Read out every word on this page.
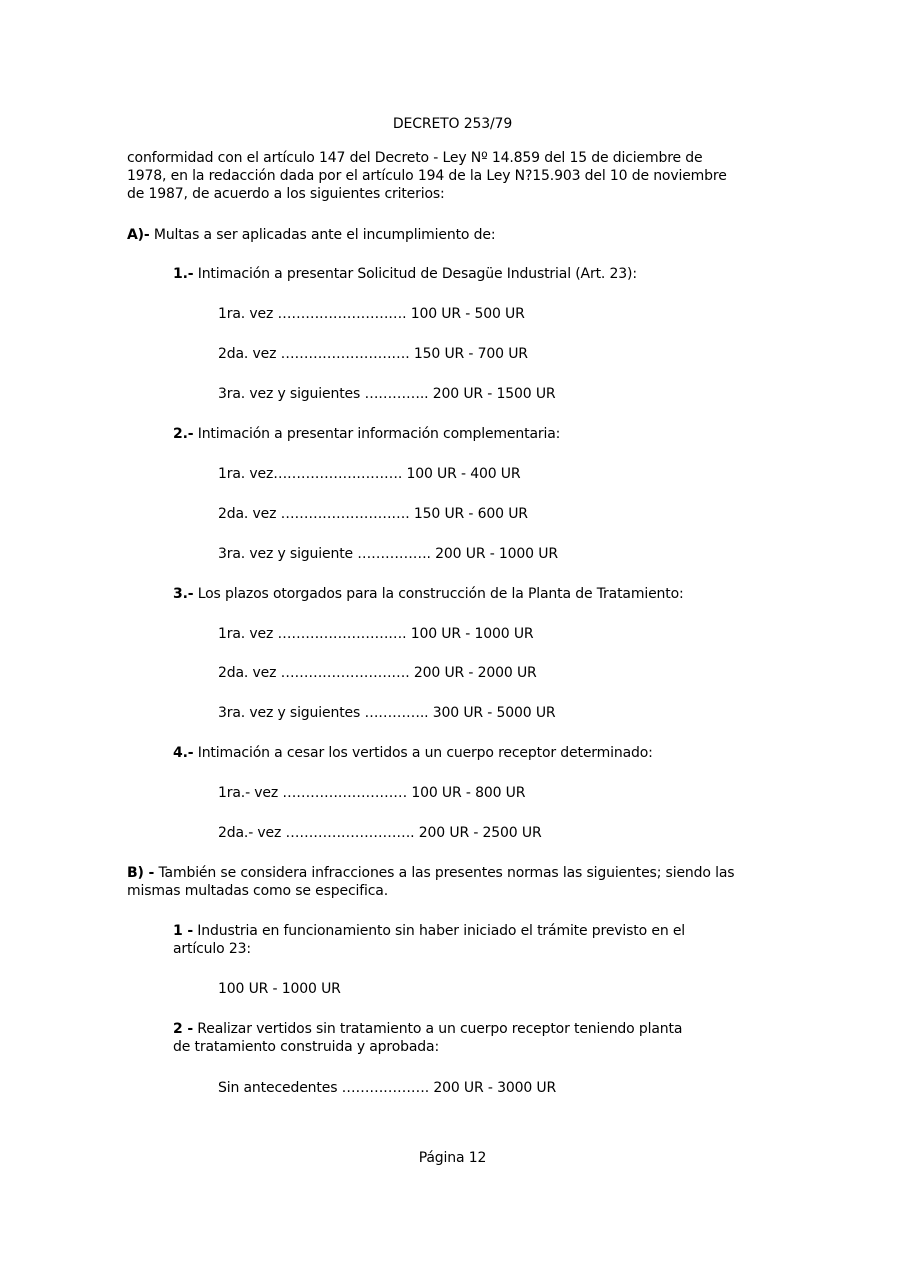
DECRETO 253/79
conformidad con el artículo 147 del Decreto - Ley Nº 14.859 del 15 de diciembre de
1978, en la redacción dada por el artículo 194 de la Ley N?15.903 del 10 de noviembre
de 1987, de acuerdo a los siguientes criterios:
A)- Multas a ser aplicadas ante el incumplimiento de:
1.- Intimación a presentar Solicitud de Desagüe Industrial (Art. 23):
1ra. vez ………………………. 100 UR - 500 UR
2da. vez ………………………. 150 UR - 700 UR
3ra. vez y siguientes ………….. 200 UR - 1500 UR
2.- Intimación a presentar información complementaria:
1ra. vez………………………. 100 UR - 400 UR
2da. vez ………………………. 150 UR - 600 UR
3ra. vez y siguiente ……………. 200 UR - 1000 UR
3.- Los plazos otorgados para la construcción de la Planta de Tratamiento:
1ra. vez ………………………. 100 UR - 1000 UR
2da. vez ………………………. 200 UR - 2000 UR
3ra. vez y siguientes ………….. 300 UR - 5000 UR
4.- Intimación a cesar los vertidos a un cuerpo receptor determinado:
1ra.- vez ……………………… 100 UR - 800 UR
2da.- vez ………………………. 200 UR - 2500 UR
B) - También se considera infracciones a las presentes normas las siguientes; siendo las
mismas multadas como se especifica.
1 - Industria en funcionamiento sin haber iniciado el trámite previsto en el
artículo 23:
100 UR - 1000 UR
2 - Realizar vertidos sin tratamiento a un cuerpo receptor teniendo planta
de tratamiento construida y aprobada:
Sin antecedentes ………………. 200 UR - 3000 UR
Página 12
